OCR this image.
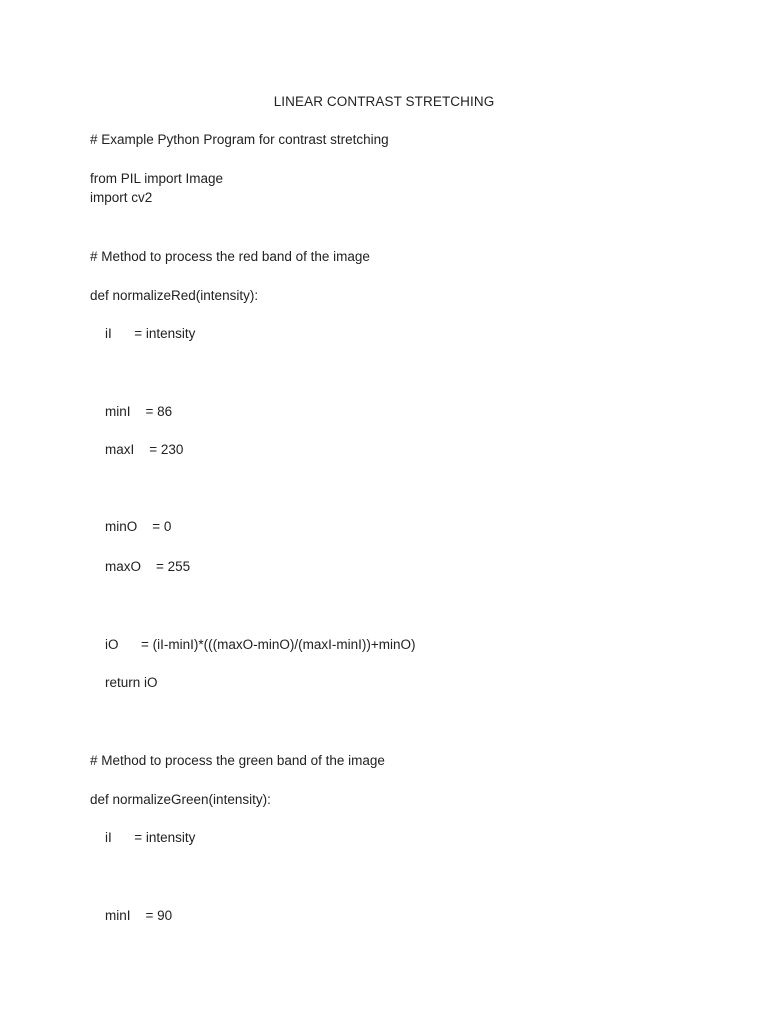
LINEAR CONTRAST STRETCHING
# Example Python Program for contrast stretching
from PIL import Image
import cv2
# Method to process the red band of the image
def normalizeRed(intensity):
iI      = intensity
minI    = 86
maxI    = 230
minO    = 0
maxO    = 255
iO      = (iI-minI)*(((maxO-minO)/(maxI-minI))+minO)
return iO
# Method to process the green band of the image
def normalizeGreen(intensity):
iI      = intensity
minI    = 90
